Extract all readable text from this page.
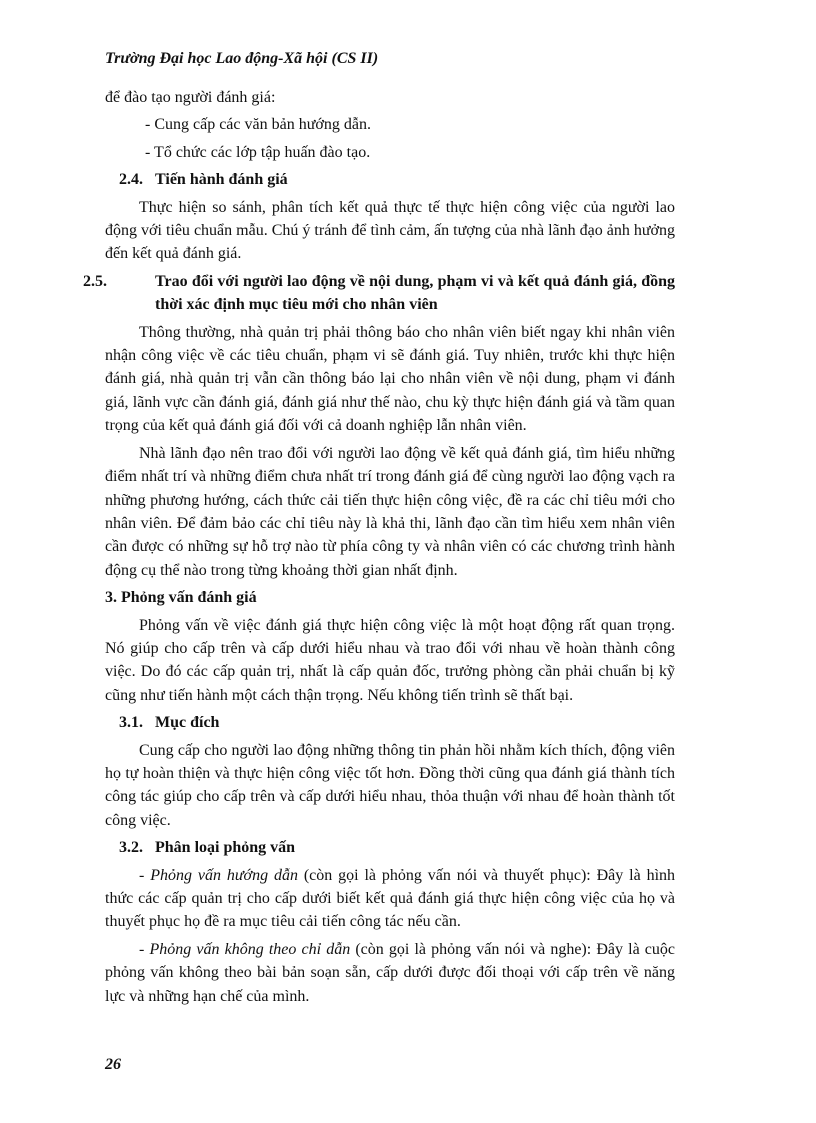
Trường Đại học Lao động-Xã hội (CS II)

để đào tạo người đánh giá:

- Cung cấp các văn bản hướng dẫn.

- Tổ chức các lớp tập huấn đào tạo.

2.4. Tiến hành đánh giá

Thực hiện so sánh, phân tích kết quả thực tế thực hiện công việc của người lao động với tiêu chuẩn mẫu. Chú ý tránh để tình cảm, ấn tượng của nhà lãnh đạo ảnh hưởng đến kết quả đánh giá.

2.5.	Trao đổi với người lao động về nội dung, phạm vi và kết quả đánh giá, đồng thời xác định mục tiêu mới cho nhân viên

Thông thường, nhà quản trị phải thông báo cho nhân viên biết ngay khi nhân viên nhận công việc về các tiêu chuẩn, phạm vi sẽ đánh giá. Tuy nhiên, trước khi thực hiện đánh giá, nhà quản trị vẫn cần thông báo lại cho nhân viên về nội dung, phạm vi đánh giá, lãnh vực cần đánh giá, đánh giá như thế nào, chu kỳ thực hiện đánh giá và tầm quan trọng của kết quả đánh giá đối với cả doanh nghiệp lẫn nhân viên.

Nhà lãnh đạo nên trao đổi với người lao động về kết quả đánh giá, tìm hiểu những điểm nhất trí và những điểm chưa nhất trí trong đánh giá để cùng người lao động vạch ra những phương hướng, cách thức cải tiến thực hiện công việc, đề ra các chỉ tiêu mới cho nhân viên. Để đảm bảo các chỉ tiêu này là khả thi, lãnh đạo cần tìm hiểu xem nhân viên cần được có những sự hỗ trợ nào từ phía công ty và nhân viên có các chương trình hành động cụ thể nào trong từng khoảng thời gian nhất định.

3. Phỏng vấn đánh giá

Phỏng vấn về việc đánh giá thực hiện công việc là một hoạt động rất quan trọng. Nó giúp cho cấp trên và cấp dưới hiểu nhau và trao đổi với nhau về hoàn thành công việc. Do đó các cấp quản trị, nhất là cấp quản đốc, trưởng phòng cần phải chuẩn bị kỹ cũng như tiến hành một cách thận trọng. Nếu không tiến trình sẽ thất bại.

3.1. Mục đích

Cung cấp cho người lao động những thông tin phản hồi nhằm kích thích, động viên họ tự hoàn thiện và thực hiện công việc tốt hơn. Đồng thời cũng qua đánh giá thành tích công tác giúp cho cấp trên và cấp dưới hiểu nhau, thỏa thuận với nhau để hoàn thành tốt công việc.

3.2. Phân loại phỏng vấn

- Phỏng vấn hướng dẫn (còn gọi là phỏng vấn nói và thuyết phục): Đây là hình thức các cấp quản trị cho cấp dưới biết kết quả đánh giá thực hiện công việc của họ và thuyết phục họ đề ra mục tiêu cải tiến công tác nếu cần.

- Phỏng vấn không theo chỉ dẫn (còn gọi là phỏng vấn nói và nghe): Đây là cuộc phỏng vấn không theo bài bản soạn sẵn, cấp dưới được đối thoại với cấp trên về năng lực và những hạn chế của mình.

26
